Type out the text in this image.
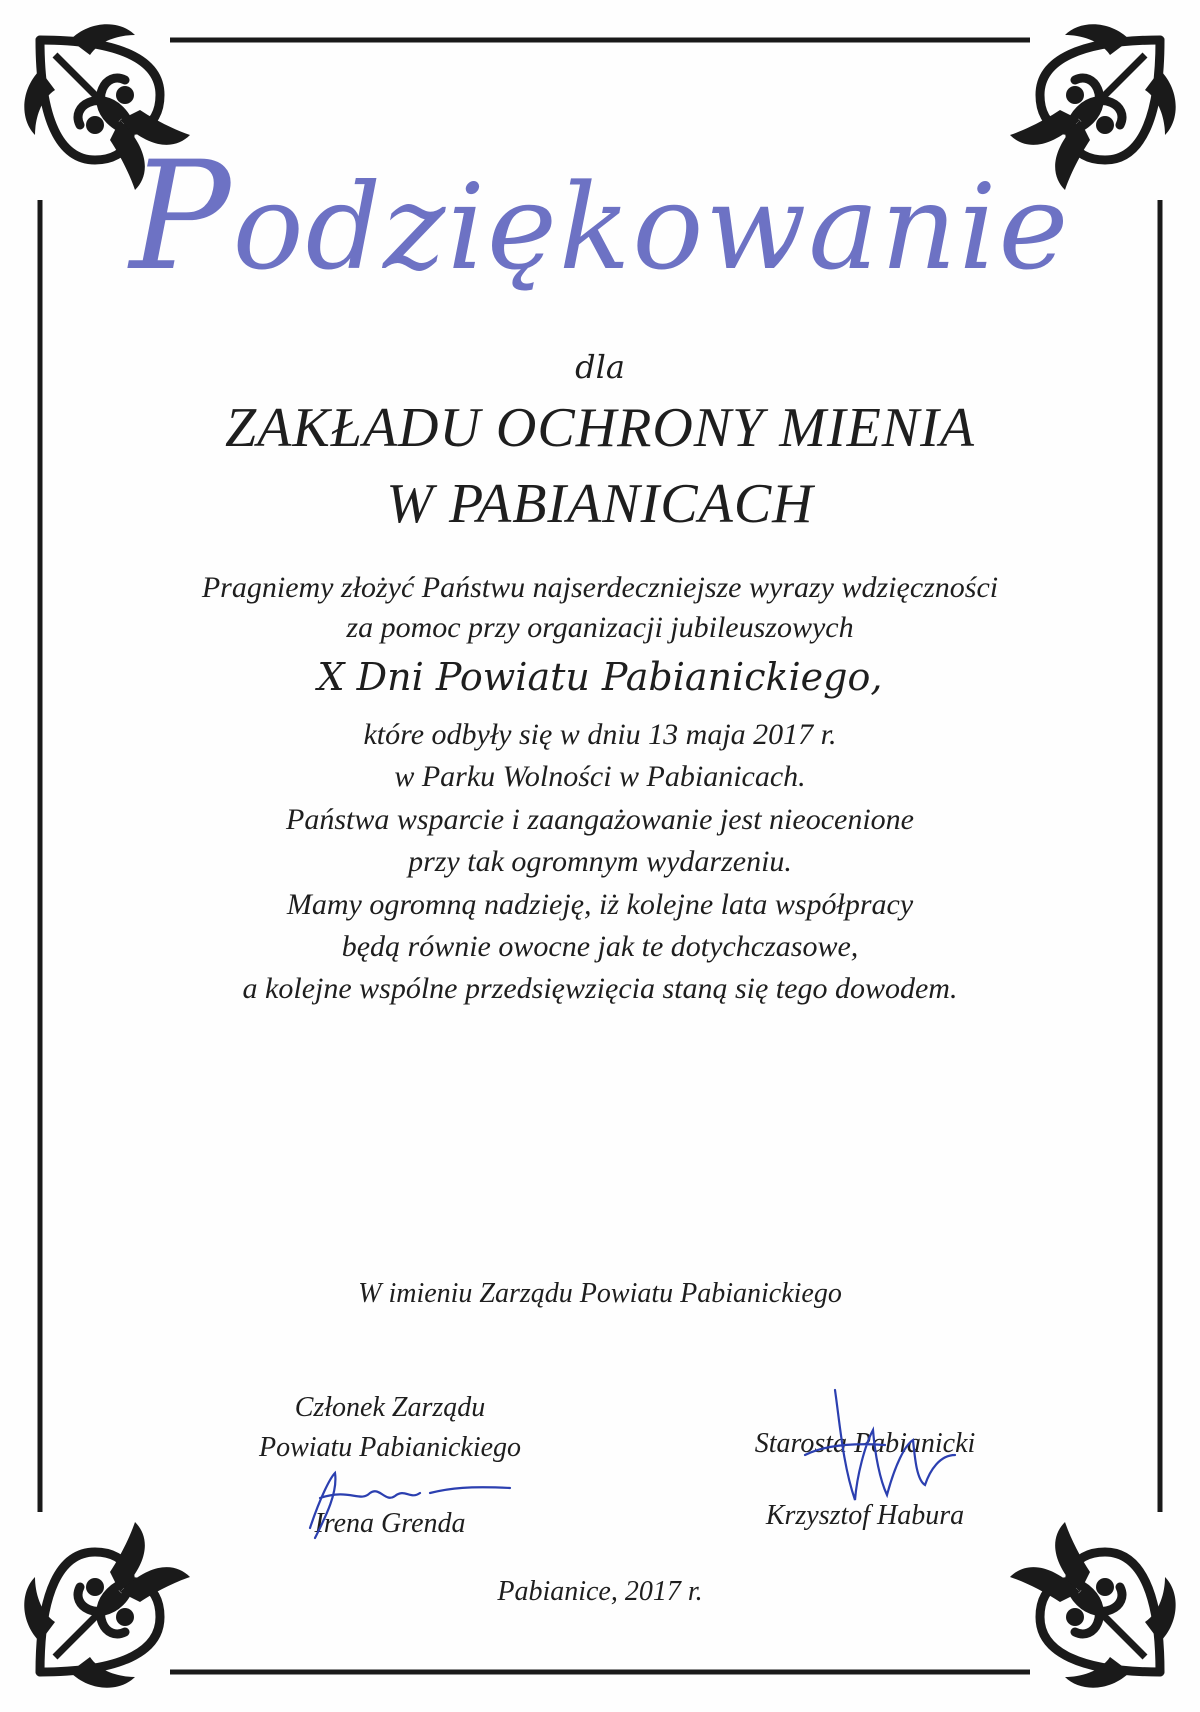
Podziękowanie
dla
ZAKŁADU OCHRONY MIENIA
W PABIANICACH
Pragniemy złożyć Państwu najserdeczniejsze wyrazy wdzięczności
za pomoc przy organizacji jubileuszowych
X Dni Powiatu Pabianickiego,
które odbyły się w dniu 13 maja 2017 r.
w Parku Wolności w Pabianicach.
Państwa wsparcie i zaangażowanie jest nieocenione
przy tak ogromnym wydarzeniu.
Mamy ogromną nadzieję, iż kolejne lata współpracy
będą równie owocne jak te dotychczasowe,
a kolejne wspólne przedsięwzięcia staną się tego dowodem.
W imieniu Zarządu Powiatu Pabianickiego
Członek Zarządu
Powiatu Pabianickiego
Irena Grenda
Starosta Pabianicki
Krzysztof Habura
Pabianice, 2017 r.
